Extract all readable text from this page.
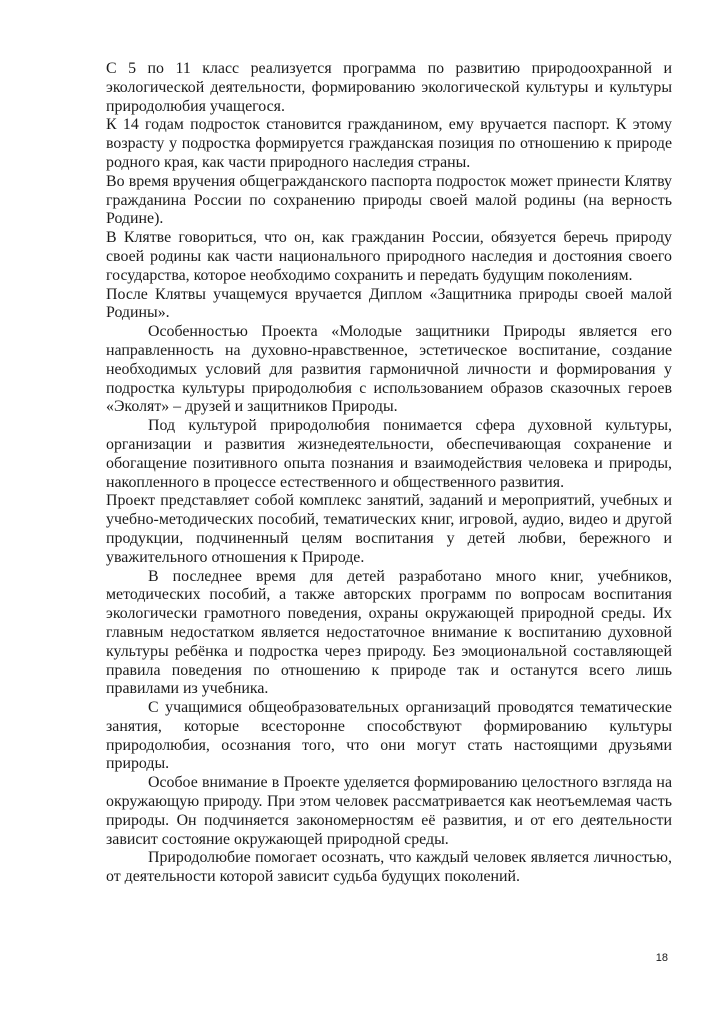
С 5 по 11 класс реализуется программа по развитию природоохранной и экологической деятельности, формированию экологической культуры и культуры природолюбия учащегося.

К 14 годам подросток становится гражданином, ему вручается паспорт. К этому возрасту у подростка формируется гражданская позиция по отношению к природе родного края, как части природного наследия страны.

Во время вручения общегражданского паспорта подросток может принести Клятву гражданина России по сохранению природы своей малой родины (на верность Родине).

В Клятве говориться, что он, как гражданин России, обязуется беречь природу своей родины как части национального природного наследия и достояния своего государства, которое необходимо сохранить и передать будущим поколениям.

После Клятвы учащемуся вручается Диплом «Защитника природы своей малой Родины».

Особенностью Проекта «Молодые защитники Природы является его направленность на духовно-нравственное, эстетическое воспитание, создание необходимых условий для развития гармоничной личности и формирования у подростка культуры природолюбия с использованием образов сказочных героев «Эколят» – друзей и защитников Природы.

Под культурой природолюбия понимается сфера духовной культуры, организации и развития жизнедеятельности, обеспечивающая сохранение и обогащение позитивного опыта познания и взаимодействия человека и природы, накопленного в процессе естественного и общественного развития.

Проект представляет собой комплекс занятий, заданий и мероприятий, учебных и учебно-методических пособий, тематических книг, игровой, аудио, видео и другой продукции, подчиненный целям воспитания у детей любви, бережного и уважительного отношения к Природе.

В последнее время для детей разработано много книг, учебников, методических пособий, а также авторских программ по вопросам воспитания экологически грамотного поведения, охраны окружающей природной среды. Их главным недостатком является недостаточное внимание к воспитанию духовной культуры ребёнка и подростка через природу. Без эмоциональной составляющей правила поведения по отношению к природе так и останутся всего лишь правилами из учебника.

С учащимися общеобразовательных организаций проводятся тематические занятия, которые всесторонне способствуют формированию культуры природолюбия, осознания того, что они могут стать настоящими друзьями природы.

Особое внимание в Проекте уделяется формированию целостного взгляда на окружающую природу. При этом человек рассматривается как неотъемлемая часть природы. Он подчиняется закономерностям её развития, и от его деятельности зависит состояние окружающей природной среды.

Природолюбие помогает осознать, что каждый человек является личностью, от деятельности которой зависит судьба будущих поколений.

18
